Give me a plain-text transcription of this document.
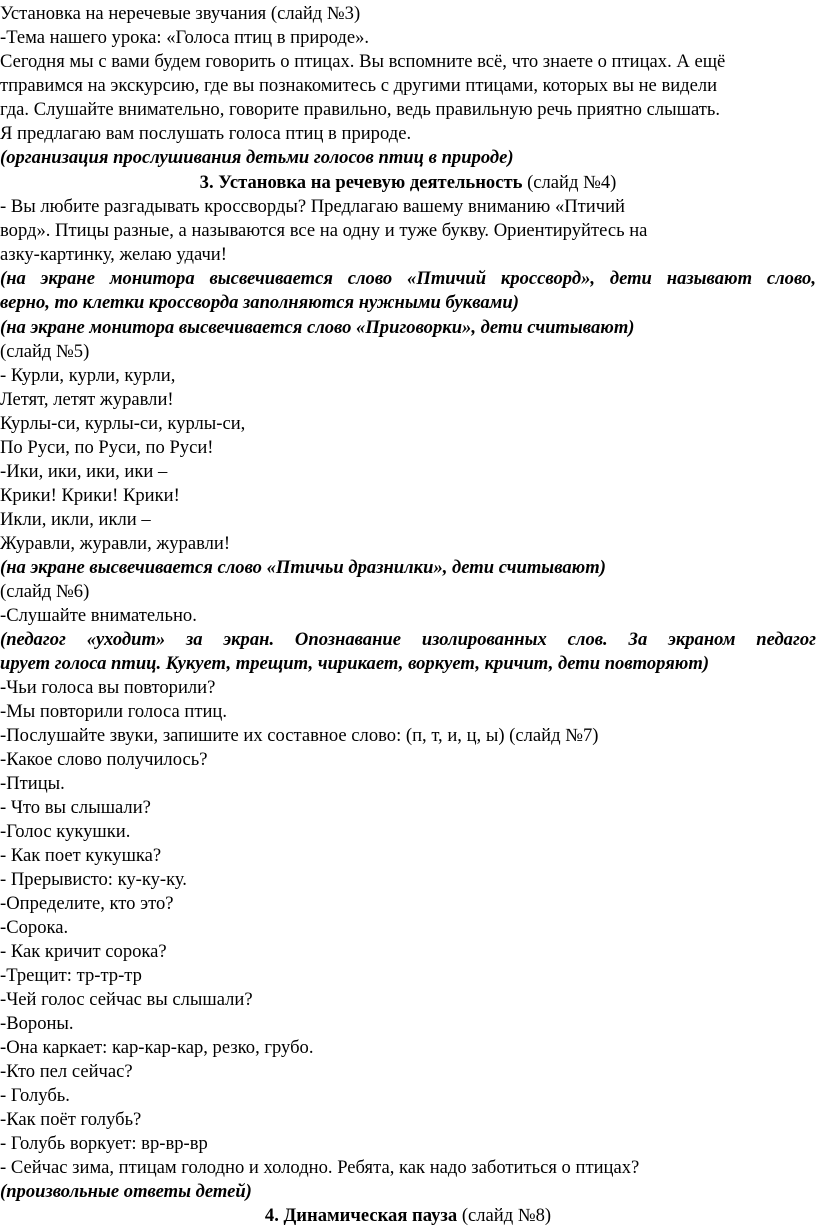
Установка на неречевые звучания (слайд №3)
-Тема нашего урока: «Голоса птиц в природе».
Сегодня мы с вами будем говорить о птицах. Вы вспомните всё, что знаете о птицах. А ещё
тправимся на экскурсию, где вы познакомитесь с другими птицами, которых вы не видели
гда. Слушайте внимательно, говорите правильно, ведь правильную речь приятно слышать.
Я предлагаю вам послушать голоса птиц в природе.
(организация прослушивания детьми голосов птиц в природе)
3. Установка на речевую деятельность (слайд №4)
- Вы любите разгадывать кроссворды? Предлагаю вашему вниманию «Птичий
ворд». Птицы разные, а называются все на одну и туже букву. Ориентируйтесь на
азку-картинку, желаю удачи!
(на экране монитора высвечивается слово «Птичий кроссворд», дети называют слово,
верно, то клетки кроссворда заполняются нужными буквами)
(на экране монитора высвечивается слово «Приговорки», дети считывают)
(слайд №5)
- Курли, курли, курли,
Летят, летят журавли!
Курлы-си, курлы-си, курлы-си,
По Руси, по Руси, по Руси!
-Ики, ики, ики, ики –
Крики! Крики! Крики!
Икли, икли, икли –
Журавли, журавли, журавли!
(на экране высвечивается слово «Птичьи дразнилки», дети считывают)
(слайд №6)
-Слушайте внимательно.
(педагог «уходит» за экран. Опознавание изолированных слов. За экраном педагог
ирует голоса птиц. Кукует, трещит, чирикает, воркует, кричит, дети повторяют)
-Чьи голоса вы повторили?
-Мы повторили голоса птиц.
-Послушайте звуки, запишите их составное слово: (п, т, и, ц, ы) (слайд №7)
-Какое слово получилось?
-Птицы.
- Что вы слышали?
-Голос кукушки.
- Как поет кукушка?
- Прерывисто: ку-ку-ку.
-Определите, кто это?
-Сорока.
- Как кричит сорока?
-Трещит: тр-тр-тр
-Чей голос сейчас вы слышали?
-Вороны.
-Она каркает: кар-кар-кар, резко, грубо.
-Кто пел сейчас?
- Голубь.
-Как поёт голубь?
- Голубь воркует: вр-вр-вр
- Сейчас зима, птицам голодно и холодно. Ребята, как надо заботиться о птицах?
(произвольные ответы детей)
4. Динамическая пауза (слайд №8)
